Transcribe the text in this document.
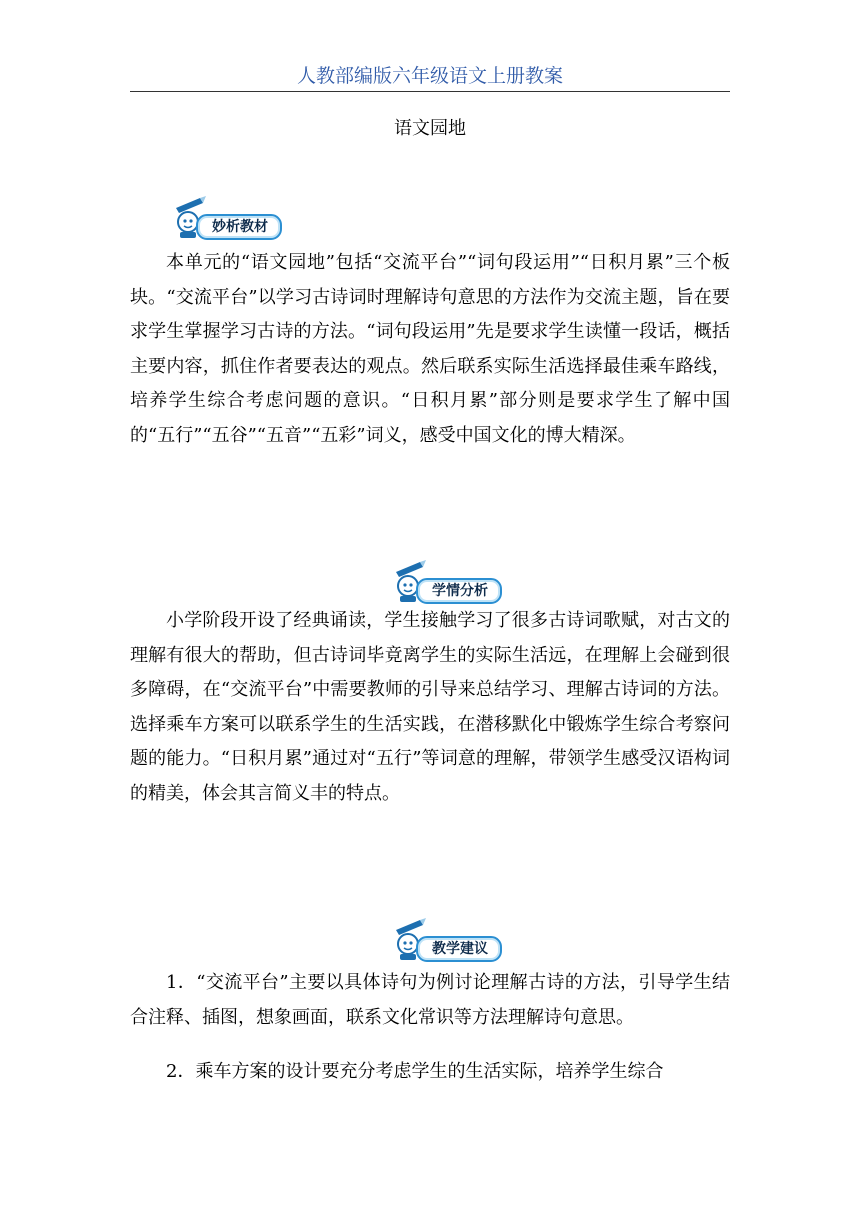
人教部编版六年级语文上册教案
语文园地
妙析教材

本单元的“语文园地”包括“交流平台”“词句段运用”“日积月累”三个板块。“交流平台”以学习古诗词时理解诗句意思的方法作为交流主题，旨在要求学生掌握学习古诗的方法。“词句段运用”先是要求学生读懂一段话，概括主要内容，抓住作者要表达的观点。然后联系实际生活选择最佳乘车路线，培养学生综合考虑问题的意识。“日积月累”部分则是要求学生了解中国的“五行”“五谷”“五音”“五彩”词义，感受中国文化的博大精深。

学情分析

小学阶段开设了经典诵读，学生接触学习了很多古诗词歌赋，对古文的理解有很大的帮助，但古诗词毕竟离学生的实际生活远，在理解上会碰到很多障碍，在“交流平台”中需要教师的引导来总结学习、理解古诗词的方法。选择乘车方案可以联系学生的生活实践，在潜移默化中锻炼学生综合考察问题的能力。“日积月累”通过对“五行”等词意的理解，带领学生感受汉语构词的精美，体会其言简义丰的特点。

教学建议

1．“交流平台”主要以具体诗句为例讨论理解古诗的方法，引导学生结合注释、插图，想象画面，联系文化常识等方法理解诗句意思。

2．乘车方案的设计要充分考虑学生的生活实际，培养学生综合
